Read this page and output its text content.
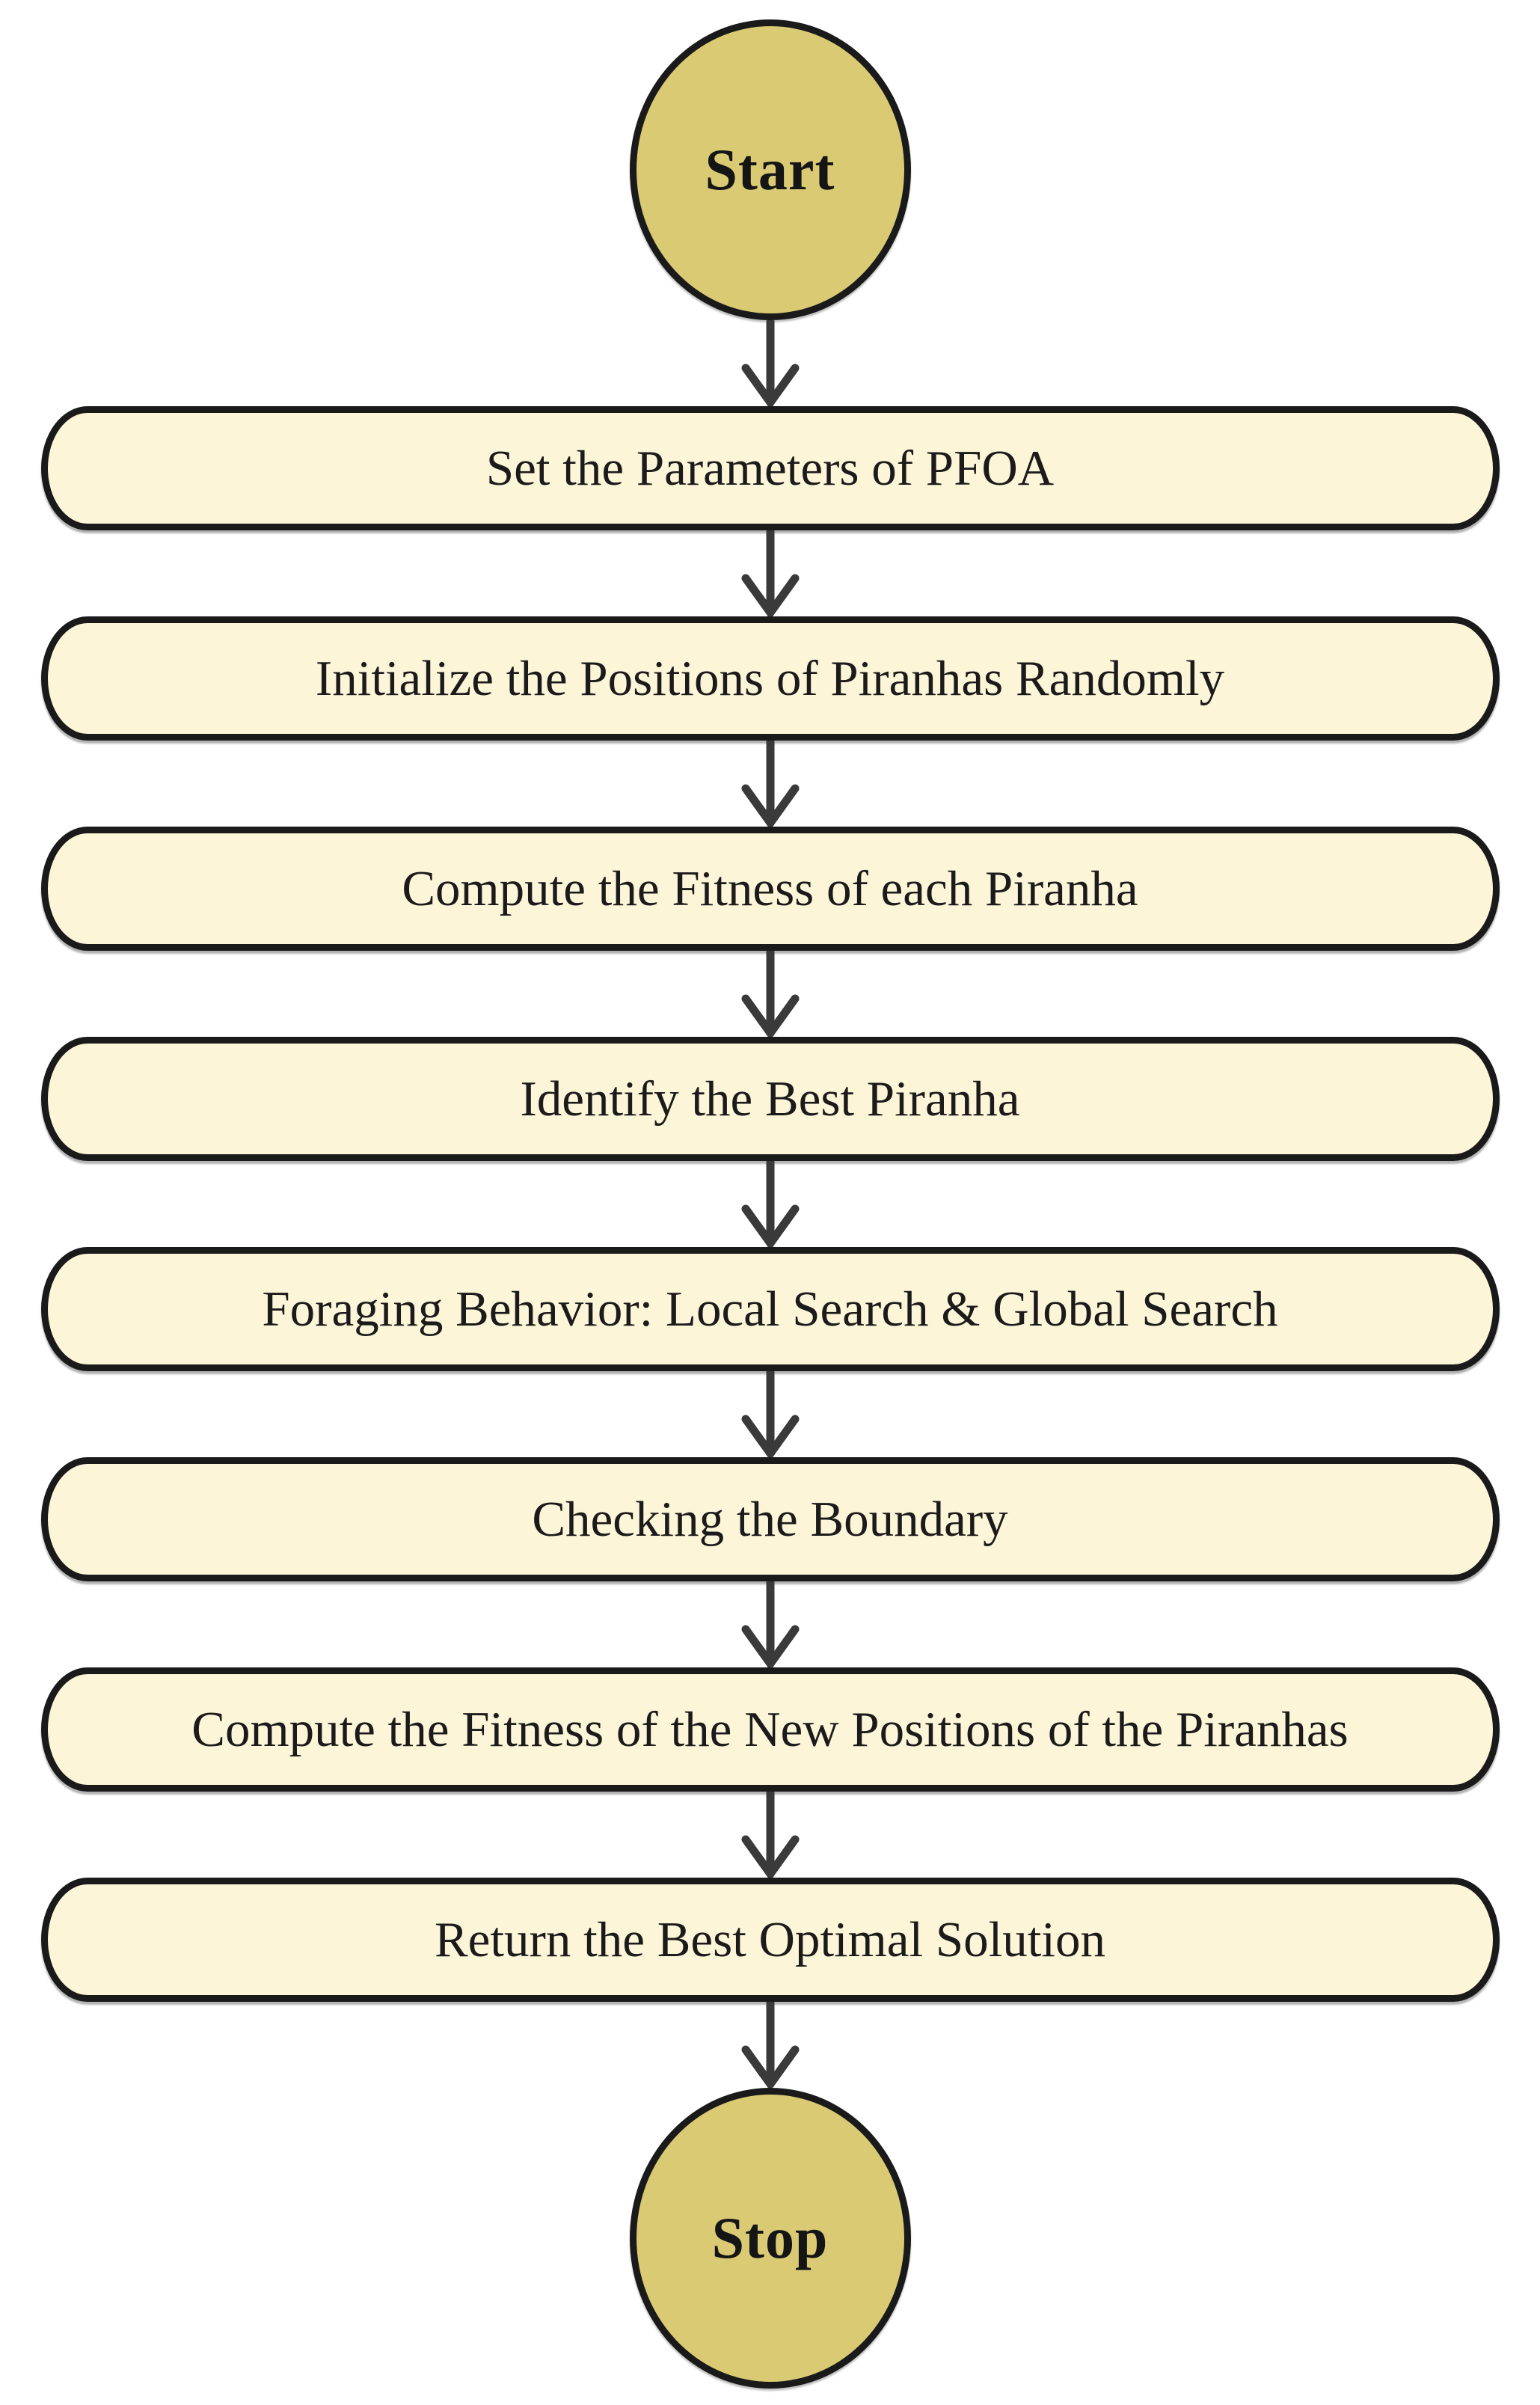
Start
Set the Parameters of PFOA
Initialize the Positions of Piranhas Randomly
Compute the Fitness of each Piranha
Identify the Best Piranha
Foraging Behavior: Local Search & Global Search
Checking the Boundary
Compute the Fitness of the New Positions of the Piranhas
Return the Best Optimal Solution
Stop
